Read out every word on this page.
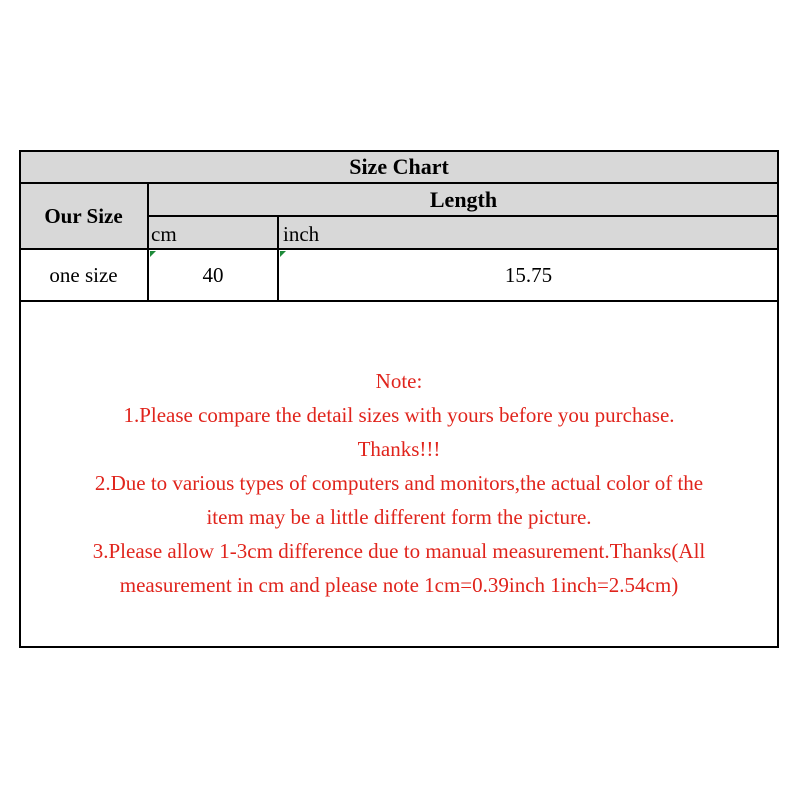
Size Chart
Our Size
Length
cm	inch
one size	40	15.75
Note:
1.Please compare the detail sizes with yours before you purchase.
Thanks!!!
2.Due to various types of computers and monitors,the actual color of the
item may be a little different form the picture.
3.Please allow 1-3cm difference due to manual measurement.Thanks(All
measurement in cm and please note 1cm=0.39inch 1inch=2.54cm)
